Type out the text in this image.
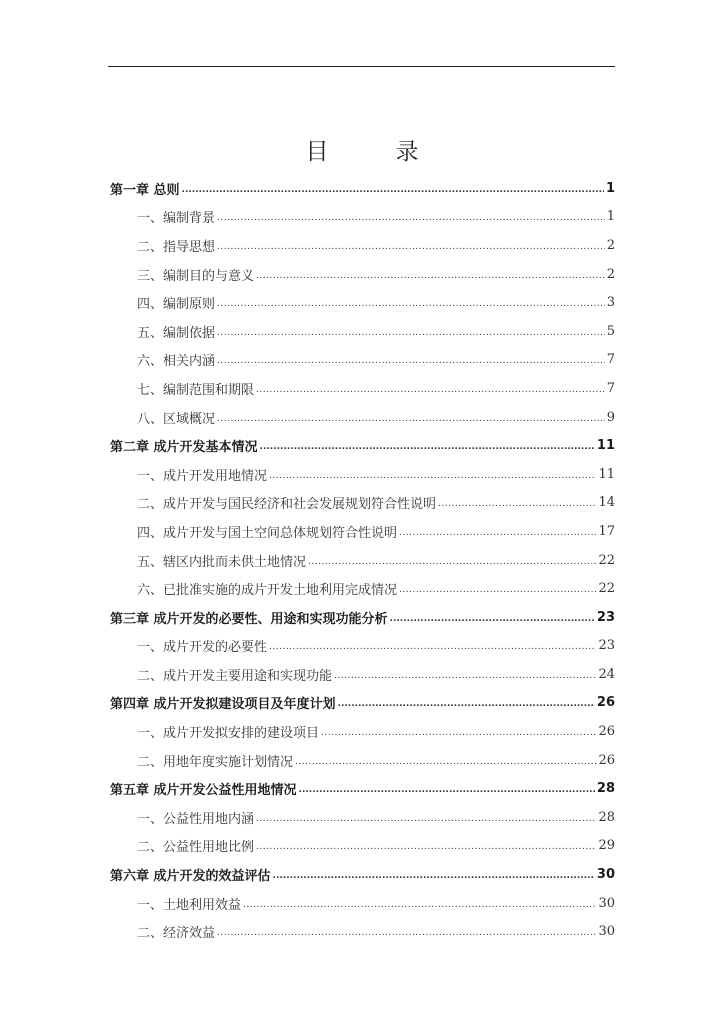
目　录
第一章 总则 .....	1
一、编制背景 .....	1
二、指导思想 .....	2
三、编制目的与意义 .....	2
四、编制原则 .....	3
五、编制依据 .....	5
六、相关内涵 .....	7
七、编制范围和期限 .....	7
八、区域概况 .....	9
第二章 成片开发基本情况 .....	11
一、成片开发用地情况 .....	11
二、成片开发与国民经济和社会发展规划符合性说明 .....	14
四、成片开发与国土空间总体规划符合性说明 .....	17
五、辖区内批而未供土地情况 .....	22
六、已批准实施的成片开发土地利用完成情况 .....	22
第三章 成片开发的必要性、用途和实现功能分析 .....	23
一、成片开发的必要性 .....	23
二、成片开发主要用途和实现功能 .....	24
第四章 成片开发拟建设项目及年度计划 .....	26
一、成片开发拟安排的建设项目 .....	26
二、用地年度实施计划情况 .....	26
第五章 成片开发公益性用地情况 .....	28
一、公益性用地内涵 .....	28
二、公益性用地比例 .....	29
第六章 成片开发的效益评估 .....	30
一、土地利用效益 .....	30
二、经济效益 .....	30
